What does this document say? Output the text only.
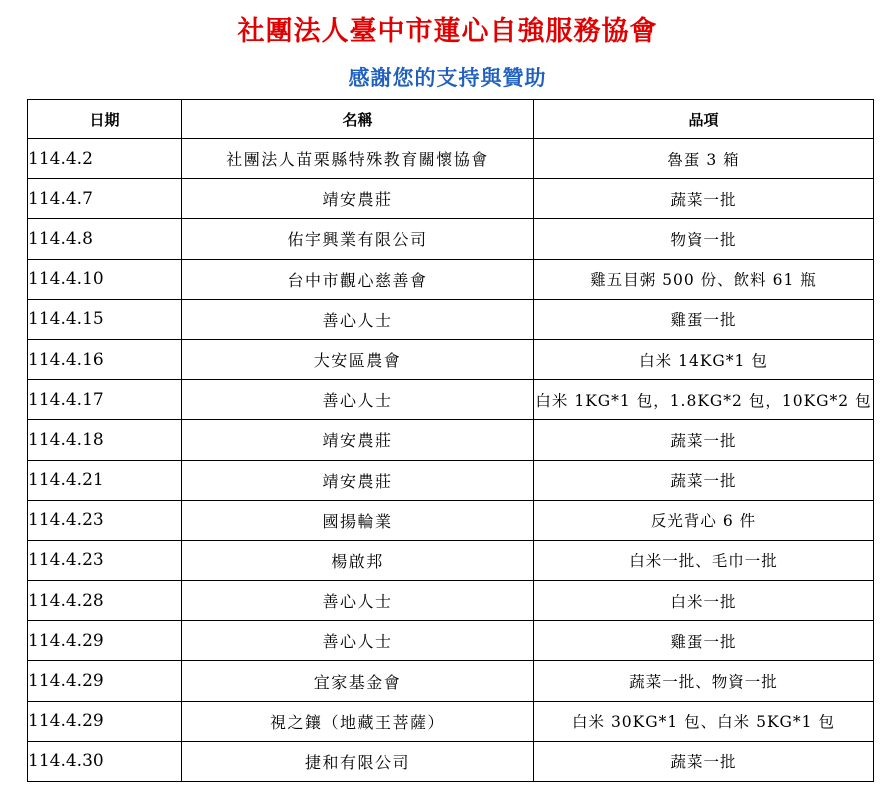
社團法人臺中市蓮心自強服務協會
感謝您的支持與贊助
日期	名稱	品項
114.4.2	社團法人苗栗縣特殊教育關懷協會	魯蛋 3 箱
114.4.7	靖安農莊	蔬菜一批
114.4.8	佑宇興業有限公司	物資一批
114.4.10	台中市觀心慈善會	雞五目粥 500 份、飲料 61 瓶
114.4.15	善心人士	雞蛋一批
114.4.16	大安區農會	白米 14KG*1 包
114.4.17	善心人士	白米 1KG*1 包，1.8KG*2 包，10KG*2 包
114.4.18	靖安農莊	蔬菜一批
114.4.21	靖安農莊	蔬菜一批
114.4.23	國揚輪業	反光背心 6 件
114.4.23	楊啟邦	白米一批、毛巾一批
114.4.28	善心人士	白米一批
114.4.29	善心人士	雞蛋一批
114.4.29	宜家基金會	蔬菜一批、物資一批
114.4.29	視之鑲（地藏王菩薩）	白米 30KG*1 包、白米 5KG*1 包
114.4.30	捷和有限公司	蔬菜一批
